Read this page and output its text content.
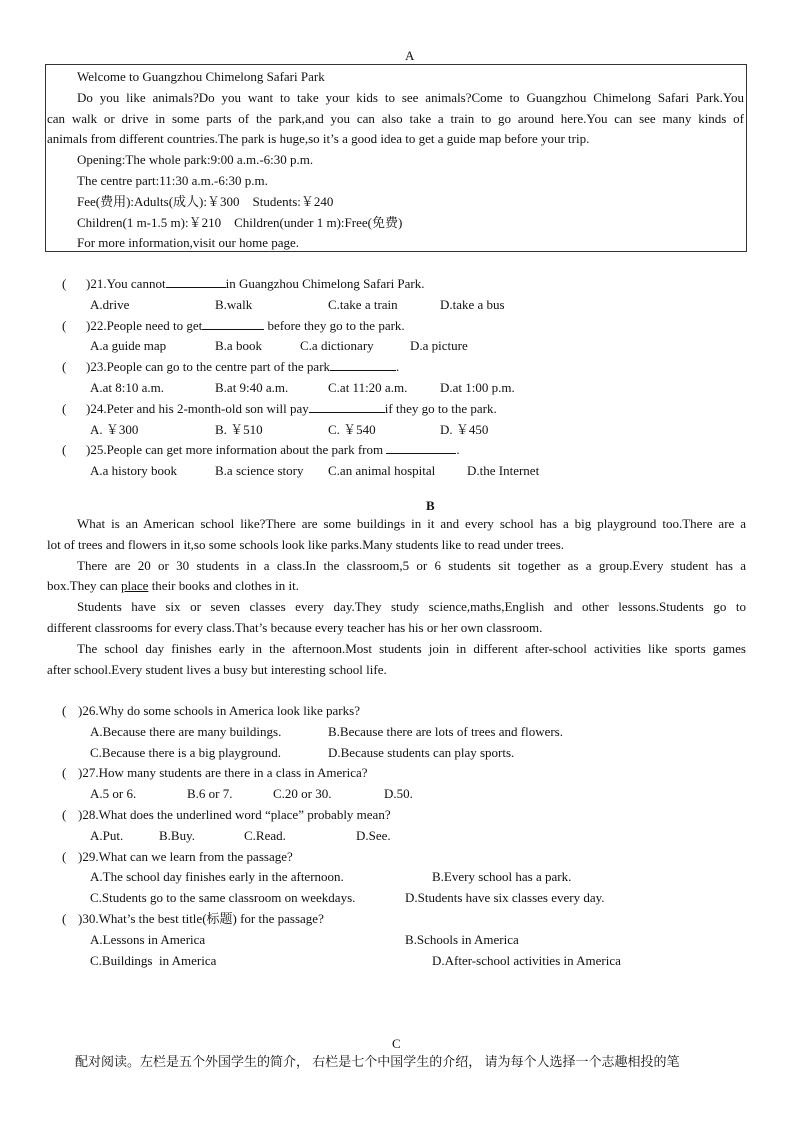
A
Welcome to Guangzhou Chimelong Safari Park
Do you like animals?Do you want to take your kids to see animals?Come to Guangzhou Chimelong Safari Park.You
can walk or drive in some parts of the park,and you can also take a train to go around here.You can see many kinds of
animals from different countries.The park is huge,so it’s a good idea to get a guide map before your trip.
Opening:The whole park:9:00 a.m.-6:30 p.m.
The centre part:11:30 a.m.-6:30 p.m.
Fee(费用):Adults(成人):￥300    Students:￥240
Children(1 m-1.5 m):￥210    Children(under 1 m):Free(免费)
For more information,visit our home page.
( )21.You cannot	in Guangzhou Chimelong Safari Park.
A.drive	B.walk	C.take a train	D.take a bus
( )22.People need to get	before they go to the park.
A.a guide map	B.a book	C.a dictionary	D.a picture
( )23.People can go to the centre part of the park	.
A.at 8:10 a.m.	B.at 9:40 a.m.	C.at 11:20 a.m.	D.at 1:00 p.m.
( )24.Peter and his 2-month-old son will pay	if they go to the park.
A. ￥300	B. ￥510	C. ￥540	D. ￥450
( )25.People can get more information about the park from	.
A.a history book	B.a science story C.an animal hospital D.the Internet
B
What is an American school like?There are some buildings in it and every school has a big playground too.There are a
lot of trees and flowers in it,so some schools look like parks.Many students like to read under trees.
There are 20 or 30 students in a class.In the classroom,5 or 6 students sit together as a group.Every student has a
box.They can place their books and clothes in it.
Students have six or seven classes every day.They study science,maths,English and other lessons.Students go to
different classrooms for every class.That’s because every teacher has his or her own classroom.
The school day finishes early in the afternoon.Most students join in different after-school activities like sports games
after school.Every student lives a busy but interesting school life.
( )26.Why do some schools in America look like parks?
A.Because there are many buildings.	B.Because there are lots of trees and flowers.
C.Because there is a big playground.	D.Because students can play sports.
( )27.How many students are there in a class in America?
A.5 or 6.	B.6 or 7.	C.20 or 30.	D.50.
( )28.What does the underlined word “place” probably mean?
A.Put.	B.Buy.	C.Read.	D.See.
( )29.What can we learn from the passage?
A.The school day finishes early in the afternoon.	B.Every school has a park.
C.Students go to the same classroom on weekdays.	D.Students have six classes every day.
( )30.What’s the best title(标题) for the passage?
A.Lessons in America	B.Schools in America
C.Buildings  in America	D.After-school activities in America
C
配对阅读。左栏是五个外国学生的简介， 右栏是七个中国学生的介绍， 请为每个人选择一个志趣相投的笔
